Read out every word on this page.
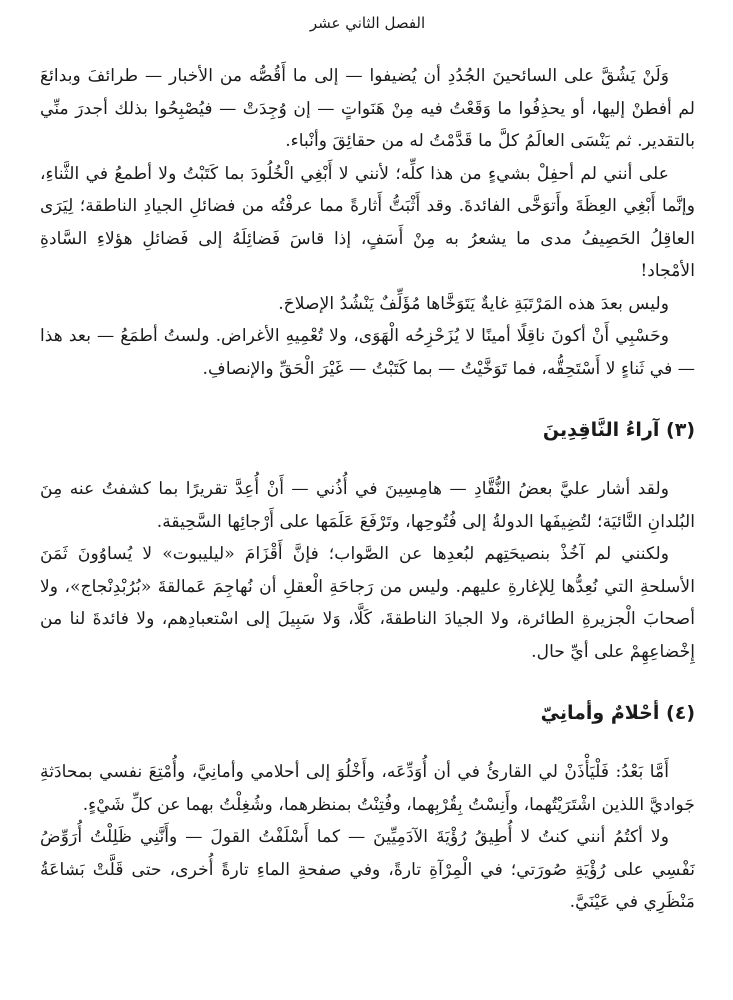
الفصل الثاني عشر

وَلَنْ يَشُقَّ على السائحينَ الجُدُدِ أن يُضيفوا — إلى ما أَقُصُّه من الأخبار — طرائفَ وبدائعَ لم أفطنْ إليها، أو يحذِفُوا ما وَقَعْتُ فيه مِنْ هَنَواتٍ — إن وُجِدَتْ — فيُصْبِحُوا بذلك أجدرَ منِّي بالتقدير. ثم يَنْسَى العالَمُ كلَّ ما قَدَّمْتُ له من حقائِقَ وأنْباء.

على أنني لم أحفِلْ بشيءٍ من هذا كلِّه؛ لأنني لا أَبْغِي الْخُلُودَ بما كَتَبْتُ ولا أطمعُ في الثَّناءِ، وإنَّما أَبْغِي العِظَةَ وأَتوَخَّى الفائدةَ. وقد أَثْبَتُّ أَثارةً مما عرفْتُه من فضائلِ الجيادِ الناطقة؛ لِيَرَى العاقِلُ الحَصِيفُ مدى ما يشعرُ به مِنْ أَسَفٍ، إذا قاسَ فَضائِلَهُ إلى فَضائلِ هؤلاءِ السَّادةِ الأمْجاد!

وليس بعدَ هذه المَرْتَبَةِ غايةٌ يَتَوَخَّاها مُؤَلِّفٌ يَنْشُدُ الإصلاحَ.

وحَسْبِي أَنْ أكونَ ناقِلًا أمينًا لا يُزَحْزِحُه الْهَوَى، ولا تُعْمِيهِ الأغراض. ولستُ أطمَعُ — بعد هذا — في ثَناءٍ لا أَسْتَحِقُّه، فما تَوَخَّيْتُ — بما كَتَبْتُ — غَيْرَ الْحَقِّ والإنصافِ.

(٣) آراءُ النَّاقِدِينَ

ولقد أشار عليَّ بعضُ النُّقَّادِ — هامِسِينَ في أُذُني — أَنْ أُعِدَّ تقريرًا بما كشفتُ عنه مِنَ البُلدانِ النَّائيَة؛ لتُضِيفَها الدولةُ إلى فُتُوحِها، وتَرْفَعَ عَلَمَها على أَرْجائِها السَّحِيقة.

ولكنني لم آخُذْ بنصيحَتِهم لبُعدِها عن الصَّواب؛ فإنَّ أَقْزَامَ «ليليبوت» لا يُساوُونَ ثَمَنَ الأسلحةِ التي نُعِدُّها لِلإغارةِ عليهم. وليس من رَجاحَةِ الْعقلِ أن نُهاجِمَ عَمالقةَ «بُرُبْدِنْجاج»، ولا أصحابَ الْجزيرةِ الطائرة، ولا الجيادَ الناطقةَ، كَلَّا، وَلا سَبِيلَ إلى اسْتعبادِهم، ولا فائدةَ لنا من إِخْضاعِهِمْ على أيِّ حال.

(٤) أحْلامٌ وأمانِيّ

أَمَّا بَعْدُ: فَلْيَأْذَنْ لي القارئُ في أن أُوَدِّعَه، وأَخْلُوَ إلى أحلامي وأمانِيَّ، وأُمْتِعَ نفسي بمحادَثةِ جَواديَّ اللذين اشْتَرَيْتُهما، وأَنِسْتُ بِقُرْبِهما، وفُتِنْتُ بمنظرهما، وشُغِلْتُ بهما عن كلِّ شَيْءٍ.

ولا أكتُمُ أنني كنتُ لا أُطِيقُ رُؤْيَةَ الآدَمِيِّينَ — كما أَسْلَفْتُ القولَ — وأَنَّنِي ظَلِلْتُ أُرَوِّضُ نَفْسِي على رُؤْيَةِ صُورَتي؛ في الْمِرْآةِ تارةً، وفي صفحةِ الماءِ تارةً أُخرى، حتى قَلَّتْ بَشاعَةُ مَنْظَرِي في عَيْنَيَّ.
